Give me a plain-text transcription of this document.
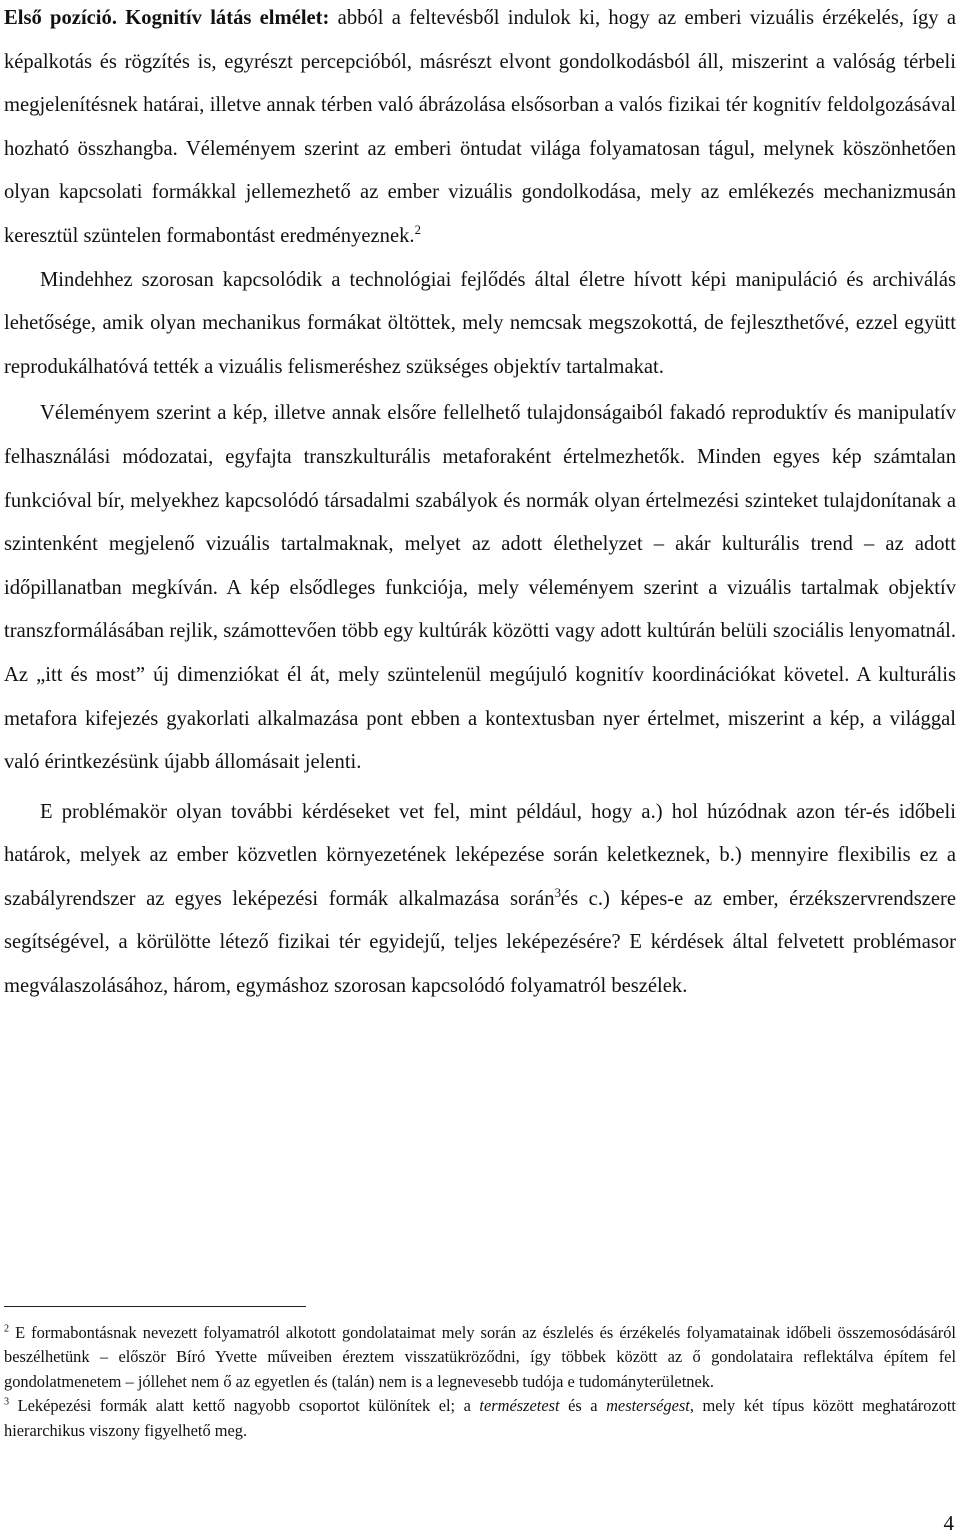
Első pozíció. Kognitív látás elmélet: abból a feltevésből indulok ki, hogy az emberi vizuális érzékelés, így a képalkotás és rögzítés is, egyrészt percepcióból, másrészt elvont gondolkodásból áll, miszerint a valóság térbeli megjelenítésnek határai, illetve annak térben való ábrázolása elsősorban a valós fizikai tér kognitív feldolgozásával hozható összhangba. Véleményem szerint az emberi öntudat világa folyamatosan tágul, melynek köszönhetően olyan kapcsolati formákkal jellemezhető az ember vizuális gondolkodása, mely az emlékezés mechanizmusán keresztül szüntelen formabontást eredményeznek.$^2$

Mindehhez szorosan kapcsolódik a technológiai fejlődés által életre hívott képi manipuláció és archiválás lehetősége, amik olyan mechanikus formákat öltöttek, mely nemcsak megszokottá, de fejleszthetővé, ezzel együtt reprodukálhatóvá tették a vizuális felismeréshez szükséges objektív tartalmakat.

Véleményem szerint a kép, illetve annak elsőre fellelhető tulajdonságaiból fakadó reproduktív és manipulatív felhasználási módozatai, egyfajta transzkulturális metaforaként értelmezhetők. Minden egyes kép számtalan funkcióval bír, melyekhez kapcsolódó társadalmi szabályok és normák olyan értelmezési szinteket tulajdonítanak a szintenként megjelenő vizuális tartalmaknak, melyet az adott élethelyzet – akár kulturális trend – az adott időpillanatban megkíván. A kép elsődleges funkciója, mely véleményem szerint a vizuális tartalmak objektív transzformálásában rejlik, számottevően több egy kultúrák közötti vagy adott kultúrán belüli szociális lenyomatnál. Az „itt és most” új dimenziókat él át, mely szüntelenül megújuló kognitív koordinációkat követel. A kulturális metafora kifejezés gyakorlati alkalmazása pont ebben a kontextusban nyer értelmet, miszerint a kép, a világgal való érintkezésünk újabb állomásait jelenti.

E problémakör olyan további kérdéseket vet fel, mint például, hogy a.) hol húzódnak azon tér-és időbeli határok, melyek az ember közvetlen környezetének leképezése során keletkeznek, b.) mennyire flexibilis ez a szabályrendszer az egyes leképezési formák alkalmazása során$^3$és c.) képes-e az ember, érzékszervrendszere segítségével, a körülötte létező fizikai tér egyidejű, teljes leképezésére? E kérdések által felvetett problémasor megválaszolásához, három, egymáshoz szorosan kapcsolódó folyamatról beszélek.

$^2$ E formabontásnak nevezett folyamatról alkotott gondolataimat mely során az észlelés és érzékelés folyamatainak időbeli összemosódásáról beszélhetünk – először Bíró Yvette műveiben éreztem visszatükröződni, így többek között az ő gondolataira reflektálva építem fel gondolatmenetem – jóllehet nem ő az egyetlen és (talán) nem is a legnevesebb tudója e tudományterületnek.

$^3$ Leképezési formák alatt kettő nagyobb csoportot különítek el; a természetest és a mesterségest, mely két típus között meghatározott hierarchikus viszony figyelhető meg.

4
